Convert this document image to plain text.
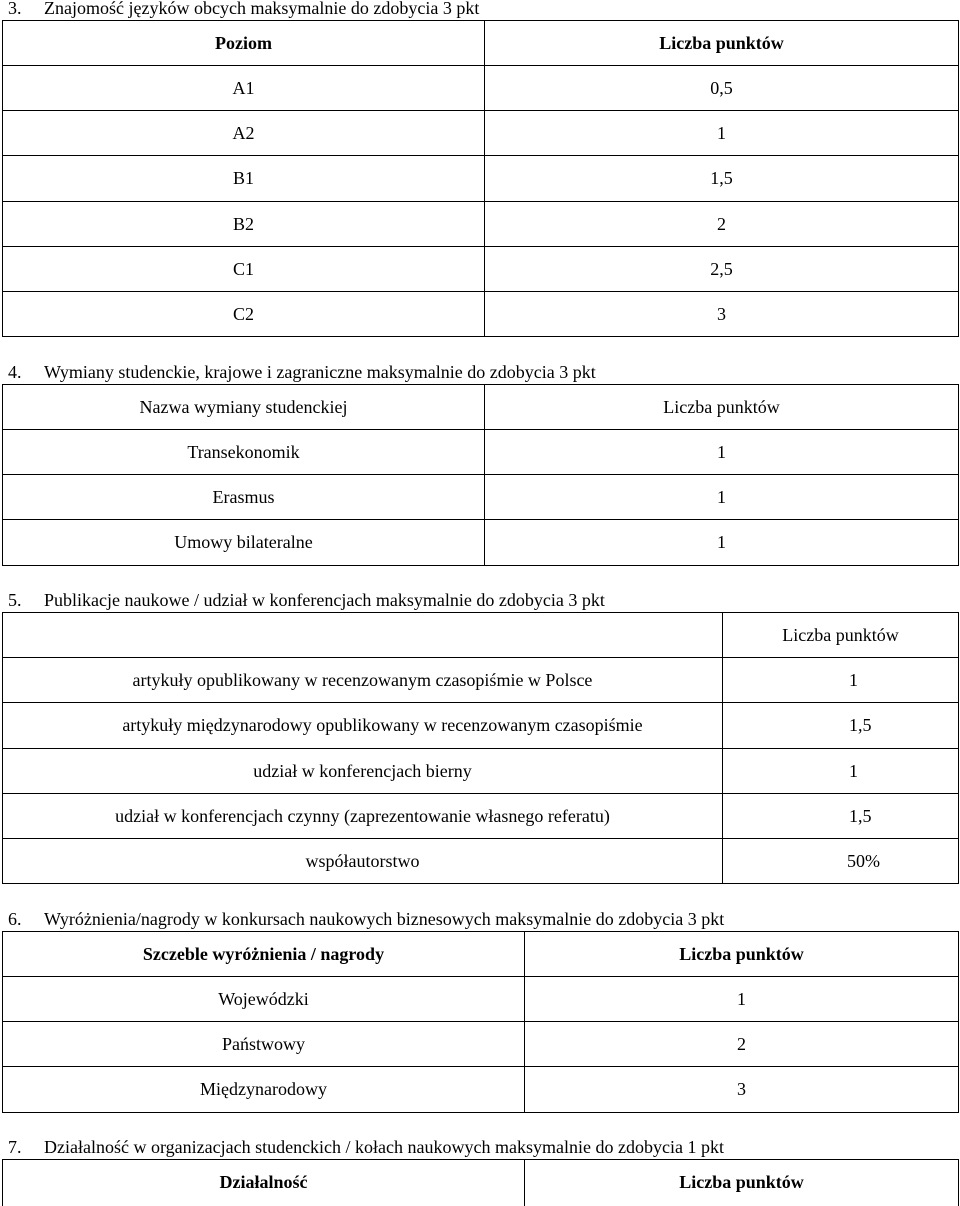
3. Znajomość języków obcych maksymalnie do zdobycia 3 pkt
Poziom	Liczba punktów
A1	0,5
A2	1
B1	1,5
B2	2
C1	2,5
C2	3
4. Wymiany studenckie, krajowe i zagraniczne maksymalnie do zdobycia 3 pkt
Nazwa wymiany studenckiej	Liczba punktów
Transekonomik	1
Erasmus	1
Umowy bilateralne	1
5. Publikacje naukowe / udział w konferencjach maksymalnie do zdobycia 3 pkt
	Liczba punktów
artykuły opublikowany w recenzowanym czasopiśmie w Polsce	1
artykuły międzynarodowy opublikowany w recenzowanym czasopiśmie	1,5
udział w konferencjach bierny	1
udział w konferencjach czynny (zaprezentowanie własnego referatu)	1,5
współautorstwo	50%
6. Wyróżnienia/nagrody w konkursach naukowych biznesowych maksymalnie do zdobycia 3 pkt
Szczeble wyróżnienia / nagrody	Liczba punktów
Wojewódzki	1
Państwowy	2
Międzynarodowy	3
7. Działalność w organizacjach studenckich / kołach naukowych maksymalnie do zdobycia 1 pkt
Działalność	Liczba punktów
